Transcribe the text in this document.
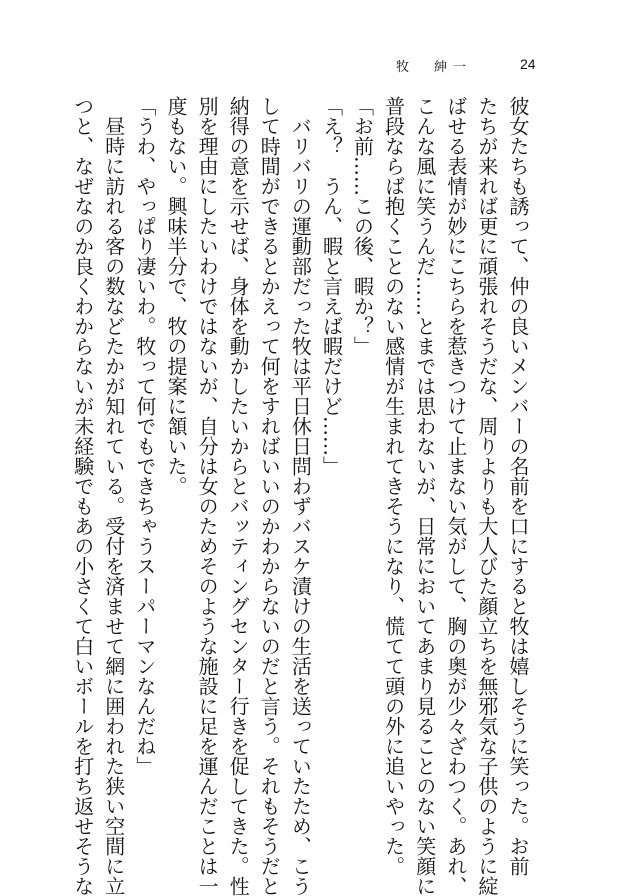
牧　紳一	24
彼女たちも誘って、仲の良いメンバーの名前を口にすると牧は嬉しそうに笑った。お前
たちが来れば更に頑張れそうだな、周りよりも大人びた顔立ちを無邪気な子供のように綻
ばせる表情が妙にこちらを惹きつけて止まない気がして、胸の奥が少々ざわつく。あれ、
こんな風に笑うんだ……とまでは思わないが、日常においてあまり見ることのない笑顔に
普段ならば抱くことのない感情が生まれてきそうになり、慌てて頭の外に追いやった。
「お前……この後、暇か？」
「え？　うん、暇と言えば暇だけど……」
　バリバリの運動部だった牧は平日休日問わずバスケ漬けの生活を送っていたため、こう
して時間ができるとかえって何をすればいいのかわからないのだと言う。それもそうだと
納得の意を示せば、身体を動かしたいからとバッティングセンター行きを促してきた。性
別を理由にしたいわけではないが、自分は女のためそのような施設に足を運んだことは一
度もない。興味半分で、牧の提案に頷いた。
「うわ、やっぱり凄いわ。牧って何でもできちゃうスーパーマンなんだね」
　昼時に訪れる客の数などたかが知れている。受付を済ませて網に囲われた狭い空間に立
つと、なぜなのか良くわからないが未経験でもあの小さくて白いボールを打ち返せそうな
